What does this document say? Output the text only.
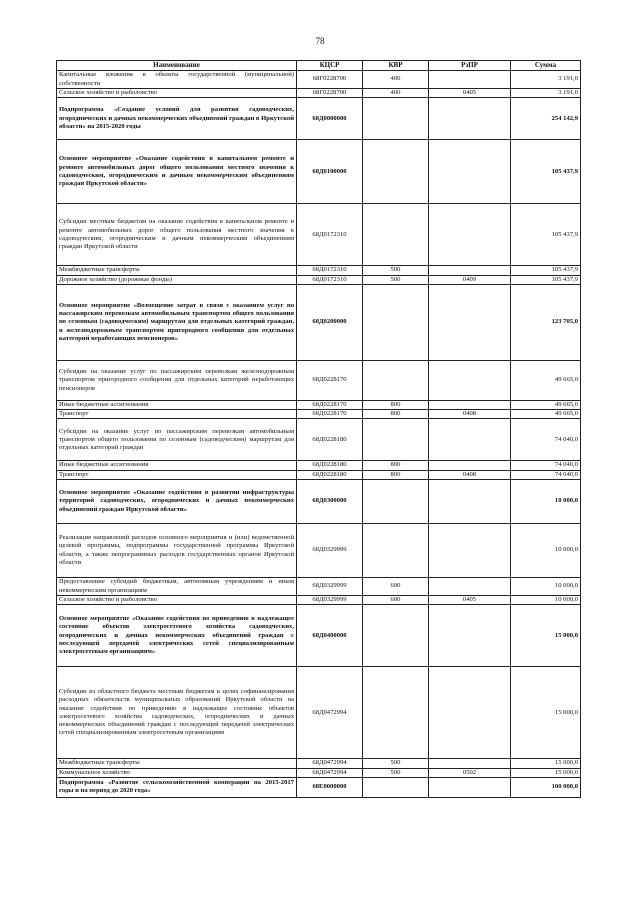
78
Наименование	КЦСР	КВР	РзПР	Сумма
Капитальные вложения в объекты государственной (муниципальной) собственности	68Г0228700	400		3 191,0
Сельское хозяйство и рыболовство	68Г0228700	400	0405	3 191,0
Подпрограмма «Создание условий для развития садоводческих, огороднических и дачных некоммерческих объединений граждан в Иркутской области» на 2015-2020 годы	68Д0000000			254 142,9
Основное мероприятие «Оказание содействия в капитальном ремонте и ремонте автомобильных дорог общего пользования местного значения к садоводческим, огородническим и дачным некоммерческим объединениям граждан Иркутской области»	68Д0100000			105 437,9
Субсидии местным бюджетам на оказание содействия в капитальном ремонте и ремонте автомобильных дорог общего пользования местного значения к садоводческим, огородническим и дачным некоммерческим объединениям граждан Иркутской области	68Д0172310			105 437,9
Межбюджетные трансферты	68Д0172310	500		105 437,9
Дорожное хозяйство (дорожные фонды)	68Д0172310	500	0409	105 437,9
Основное мероприятие «Возмещение затрат в связи с оказанием услуг по пассажирским перевозкам автомобильным транспортом общего пользования по сезонным (садоводческим) маршрутам для отдельных категорий граждан, и железнодорожным транспортом пригородного сообщения для отдельных категорий неработающих пенсионеров»	68Д0200000			123 705,0
Субсидии на оказание услуг по пассажирским перевозкам железнодорожным транспортом пригородного сообщения для отдельных категорий неработающих пенсионеров	68Д0228170			49 665,0
Иные бюджетные ассигнования	68Д0228170	800		49 665,0
Транспорт	68Д0228170	800	0408	49 665,0
Субсидии на оказание услуг по пассажирским перевозкам автомобильным транспортом общего пользования по сезонным (садоводческим) маршрутам для отдельных категорий граждан	68Д0228180			74 040,0
Иные бюджетные ассигнования	68Д0228180	800		74 040,0
Транспорт	68Д0228180	800	0408	74 040,0
Основное мероприятие «Оказание содействия в развитии инфраструктуры территорий садоводческих, огороднических и дачных некоммерческих объединений граждан Иркутской области»	68Д0300000			10 000,0
Реализация направлений расходов основного мероприятия и (или) ведомственной целевой программы, подпрограммы государственной программы Иркутской области, а также непрограммных расходов государственных органов Иркутской области	68Д0329999			10 000,0
Предоставление субсидий бюджетным, автономным учреждениям и иным некоммерческим организациям	68Д0329999	600		10 000,0
Сельское хозяйство и рыболовство	68Д0329999	600	0405	10 000,0
Основное мероприятие «Оказание содействия по приведению в надлежащее состояние объектов электросетевого хозяйства садоводческих, огороднических и дачных некоммерческих объединений граждан с последующей передачей электрических сетей специализированным электросетевым организациям»	68Д0400000			15 000,0
Субсидии из областного бюджета местным бюджетам в целях софинансирования расходных обязательств муниципальных образований Иркутской области на оказание содействия по приведению в надлежащее состояние объектов электросетевого хозяйства садоводческих, огороднических и дачных некоммерческих объединений граждан с последующей передачей электрических сетей специализированным электросетевым организациям	68Д0472994			15 000,0
Межбюджетные трансферты	68Д0472994	500		15 000,0
Коммунальное хозяйство	68Д0472994	500	0502	15 000,0
Подпрограмма «Развитие сельскохозяйственной кооперации на 2015-2017 годы и на период до 2020 года»	68Е0000000			100 000,0
